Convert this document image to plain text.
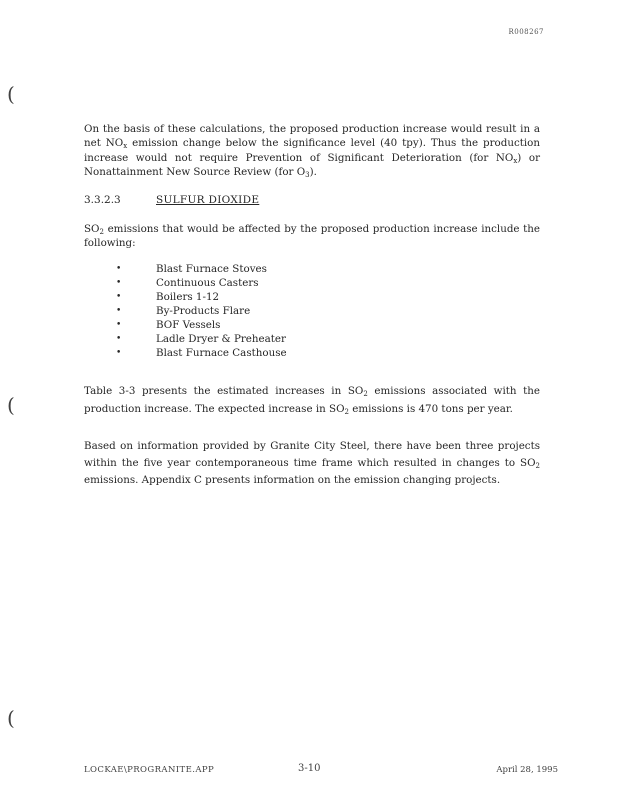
R008267
(
(
(

On the basis of these calculations, the proposed production increase would result in a net $NO_x$ emission change below the significance level (40 tpy). Thus the production increase would not require Prevention of Significant Deterioration (for $NO_x$) or Nonattainment New Source Review (for $O_3$).

3.3.2.3	SULFUR DIOXIDE

$SO_2$ emissions that would be affected by the proposed production increase include the following:

•	Blast Furnace Stoves
•	Continuous Casters
•	Boilers 1-12
•	By-Products Flare
•	BOF Vessels
•	Ladle Dryer & Preheater
•	Blast Furnace Casthouse

Table 3-3 presents the estimated increases in $SO_2$ emissions associated with the production increase. The expected increase in $SO_2$ emissions is 470 tons per year.

Based on information provided by Granite City Steel, there have been three projects within the five year contemporaneous time frame which resulted in changes to $SO_2$ emissions. Appendix C presents information on the emission changing projects.

LOCKAE\PROGRANITE.APP	3-10	April 28, 1995
